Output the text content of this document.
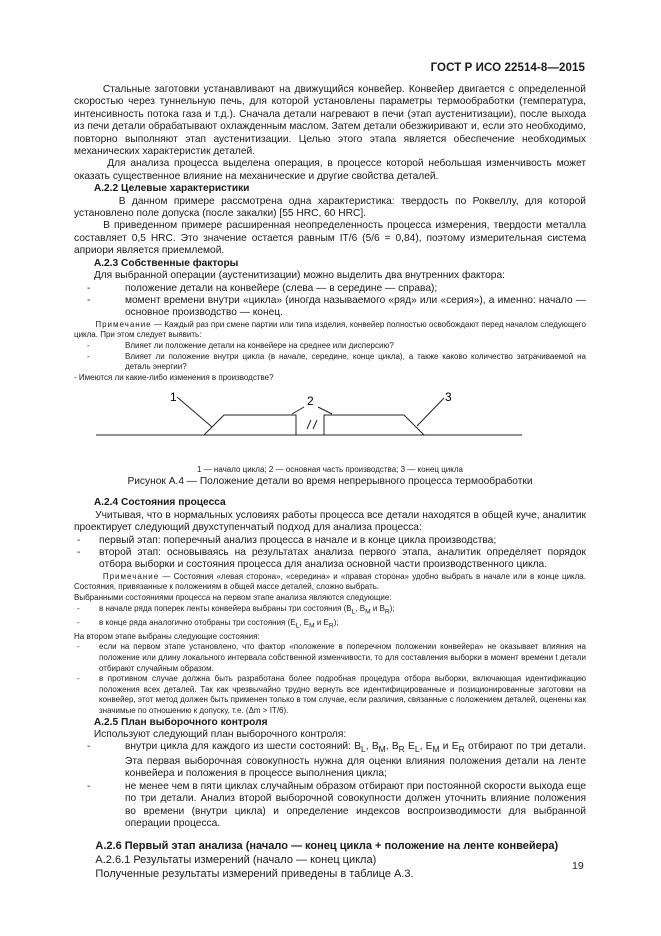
ГОСТ Р ИСО 22514-8—2015

Стальные заготовки устанавливают на движущийся конвейер. Конвейер двигается с определенной скоростью через туннельную печь, для которой установлены параметры термообработки (температура, интенсивность потока газа и т.д.). Сначала детали нагревают в печи (этап аустенитизации), после выхода из печи детали обрабатывают охлажденным маслом. Затем детали обезжиривают и, если это необходимо, повторно выполняют этап аустенитизации. Целью этого этапа является обеспечение необходимых механических характеристик деталей.

Для анализа процесса выделена операция, в процессе которой небольшая изменчивость может оказать существенное влияние на механические и другие свойства деталей.

А.2.2 Целевые характеристики

В данном примере рассмотрена одна характеристика: твердость по Роквеллу, для которой установлено поле допуска (после закалки) [55 HRC, 60 HRC].

В приведенном примере расширенная неопределенность процесса измерения, твердости металла составляет 0,5 HRC. Это значение остается равным IT/6 (5/6 = 0,84), поэтому измерительная система априори является приемлемой.

А.2.3 Собственные факторы

Для выбранной операции (аустенитизации) можно выделить два внутренних фактора:

-	положение детали на конвейере (слева — в середине — справа);
-	момент времени внутри «цикла» (иногда называемого «ряд» или «серия»), а именно: начало — основное производство — конец.

Примечание — Каждый раз при смене партии или типа изделия, конвейер полностью освобождают перед началом следующего цикла. При этом следует выявить:

-	Влияет ли положение детали на конвейере на среднее или дисперсию?
-	Влияет ли положение внутри цикла (в начале, середине, конце цикла), а также каково количество затрачиваемой на деталь энергии?

- Имеются ли какие-либо изменения в производстве?

1	2	3

1 — начало цикла; 2 — основная часть производства; 3 — конец цикла

Рисунок А.4 — Положение детали во время непрерывного процесса термообработки

А.2.4 Состояния процесса

Учитывая, что в нормальных условиях работы процесса все детали находятся в общей куче, аналитик проектирует следующий двухступенчатый подход для анализа процесса:

-	первый этап: поперечный анализ процесса в начале и в конце цикла производства;
-	второй этап: основываясь на результатах анализа первого этапа, аналитик определяет порядок отбора выборки и состояния процесса для анализа основной части производственного цикла.

Примечание — Состояния «левая сторона», «середина» и «правая сторона» удобно выбрать в начале или в конце цикла. Состояния, привязанные к положениям в общей массе деталей, сложно выбрать.

Выбранными состояниями процесса на первом этапе анализа являются следующие:

-	в начале ряда поперек ленты конвейера выбраны три состояния ($B_L$, $B_M$ и $B_R$);
-	в конце ряда аналогично отобраны три состояния ($E_L$, $E_M$ и $E_R$);

На втором этапе выбраны следующие состояния:

-	если на первом этапе установлено, что фактор «положение в поперечном положении конвейера» не оказывает влияния на положение или длину локального интервала собственной изменчивости, то для составления выборки в момент времени t детали отбирают случайным образом.
-	в противном случае должна быть разработана более подробная процедура отбора выборки, включающая идентификацию положения всех деталей. Так как чрезвычайно трудно вернуть все идентифицированные и позиционированные заготовки на конвейер, этот метод должен быть применен только в том случае, если различия, связанные с положением деталей, оценены как значимые по отношению к допуску, т.е. (Δm > IT/6).

А.2.5 План выборочного контроля

Используют следующий план выборочного контроля:

-	внутри цикла для каждого из шести состояний: $B_L$, $B_M$, $B_R$ $E_L$, $E_M$ и $E_R$ отбирают по три детали. Эта первая выборочная совокупность нужна для оценки влияния положения детали на ленте конвейера и положения в процессе выполнения цикла;
-	не менее чем в пяти циклах случайным образом отбирают при постоянной скорости выхода еще по три детали. Анализ второй выборочной совокупности должен уточнить влияние положения во времени (внутри цикла) и определение индексов воспроизводимости для выбранной операции процесса.

А.2.6 Первый этап анализа (начало — конец цикла + положение на ленте конвейера)

А.2.6.1 Результаты измерений (начало — конец цикла)

Полученные результаты измерений приведены в таблице А.3.

19
